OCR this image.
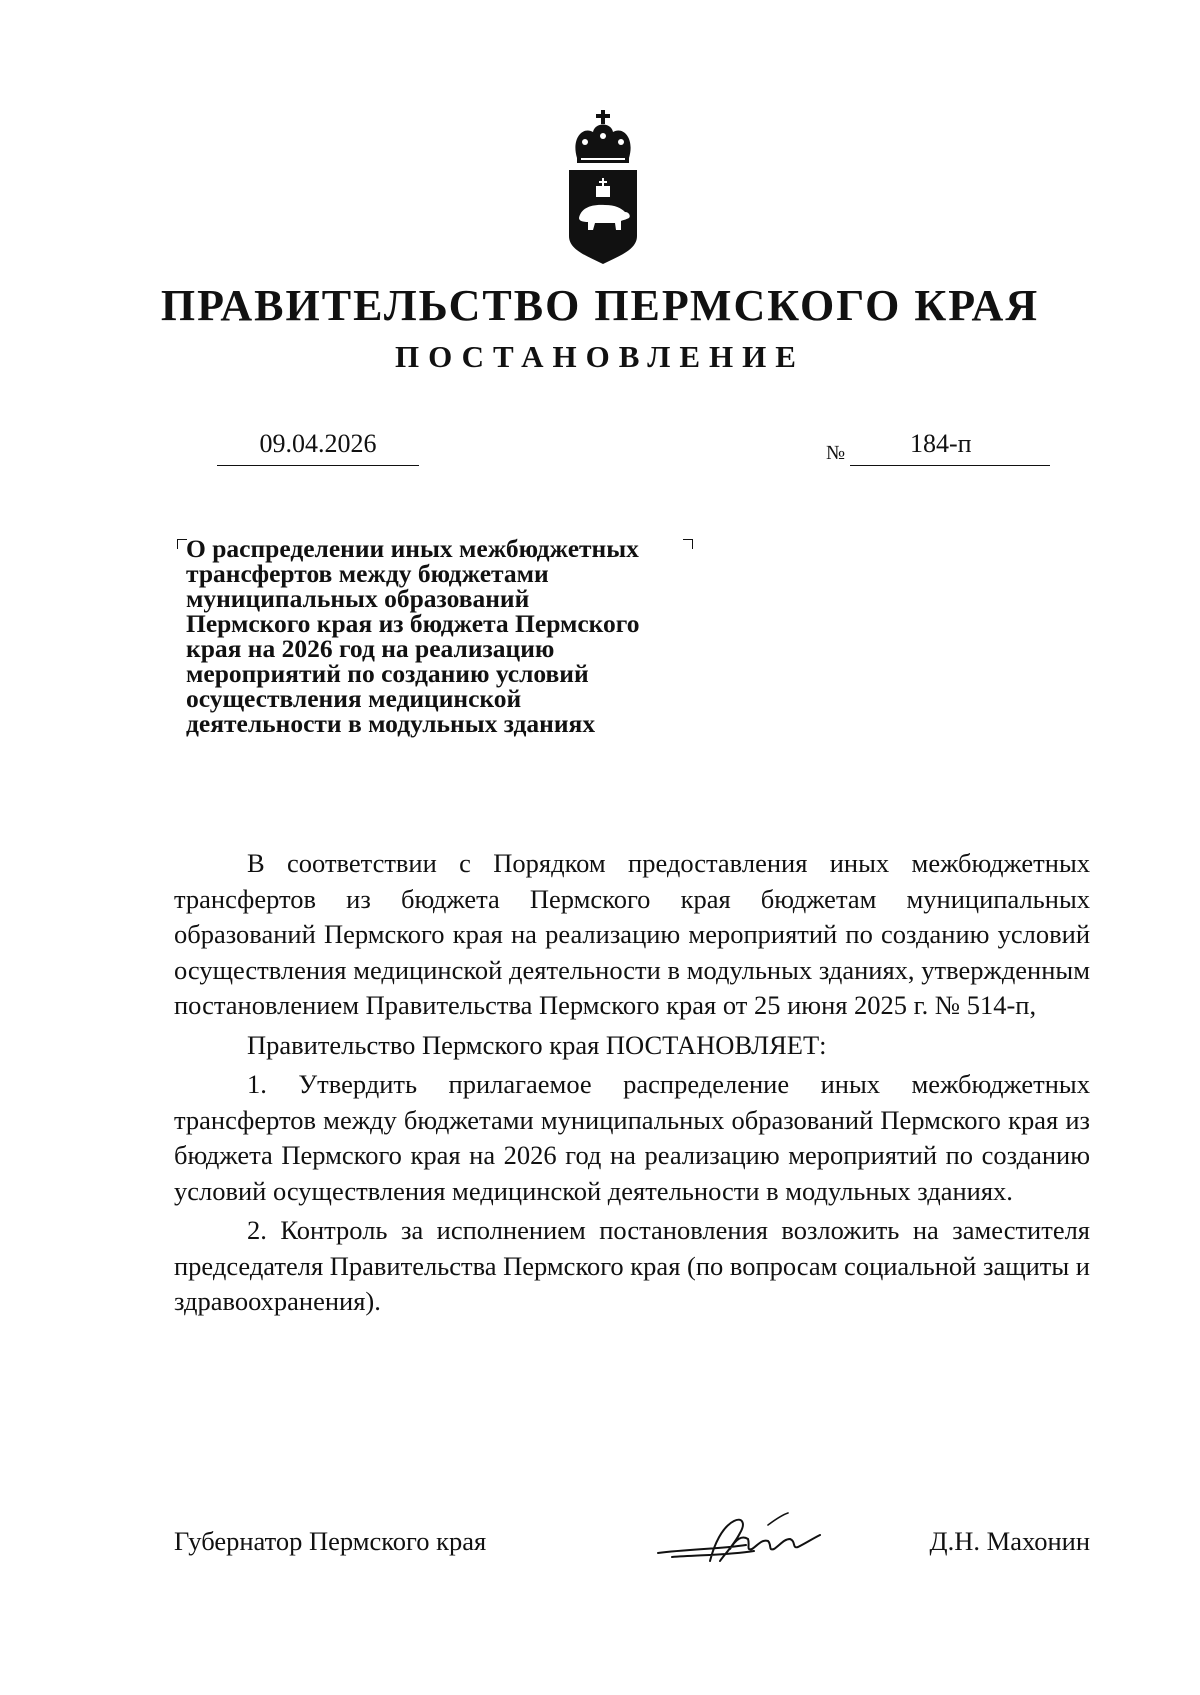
ПРАВИТЕЛЬСТВО ПЕРМСКОГО КРАЯ
ПОСТАНОВЛЕНИЕ
09.04.2026	№	184-п
О распределении иных межбюджетных
трансфертов между бюджетами
муниципальных образований
Пермского края из бюджета Пермского
края на 2026 год на реализацию
мероприятий по созданию условий
осуществления медицинской
деятельности в модульных зданиях

В соответствии с Порядком предоставления иных межбюджетных трансфертов из бюджета Пермского края бюджетам муниципальных образований Пермского края на реализацию мероприятий по созданию условий осуществления медицинской деятельности в модульных зданиях, утвержденным постановлением Правительства Пермского края от 25 июня 2025 г. № 514-п,

Правительство Пермского края ПОСТАНОВЛЯЕТ:

1. Утвердить прилагаемое распределение иных межбюджетных трансфертов между бюджетами муниципальных образований Пермского края из бюджета Пермского края на 2026 год на реализацию мероприятий по созданию условий осуществления медицинской деятельности в модульных зданиях.

2. Контроль за исполнением постановления возложить на заместителя председателя Правительства Пермского края (по вопросам социальной защиты и здравоохранения).

Губернатор Пермского края	Д.Н. Махонин
